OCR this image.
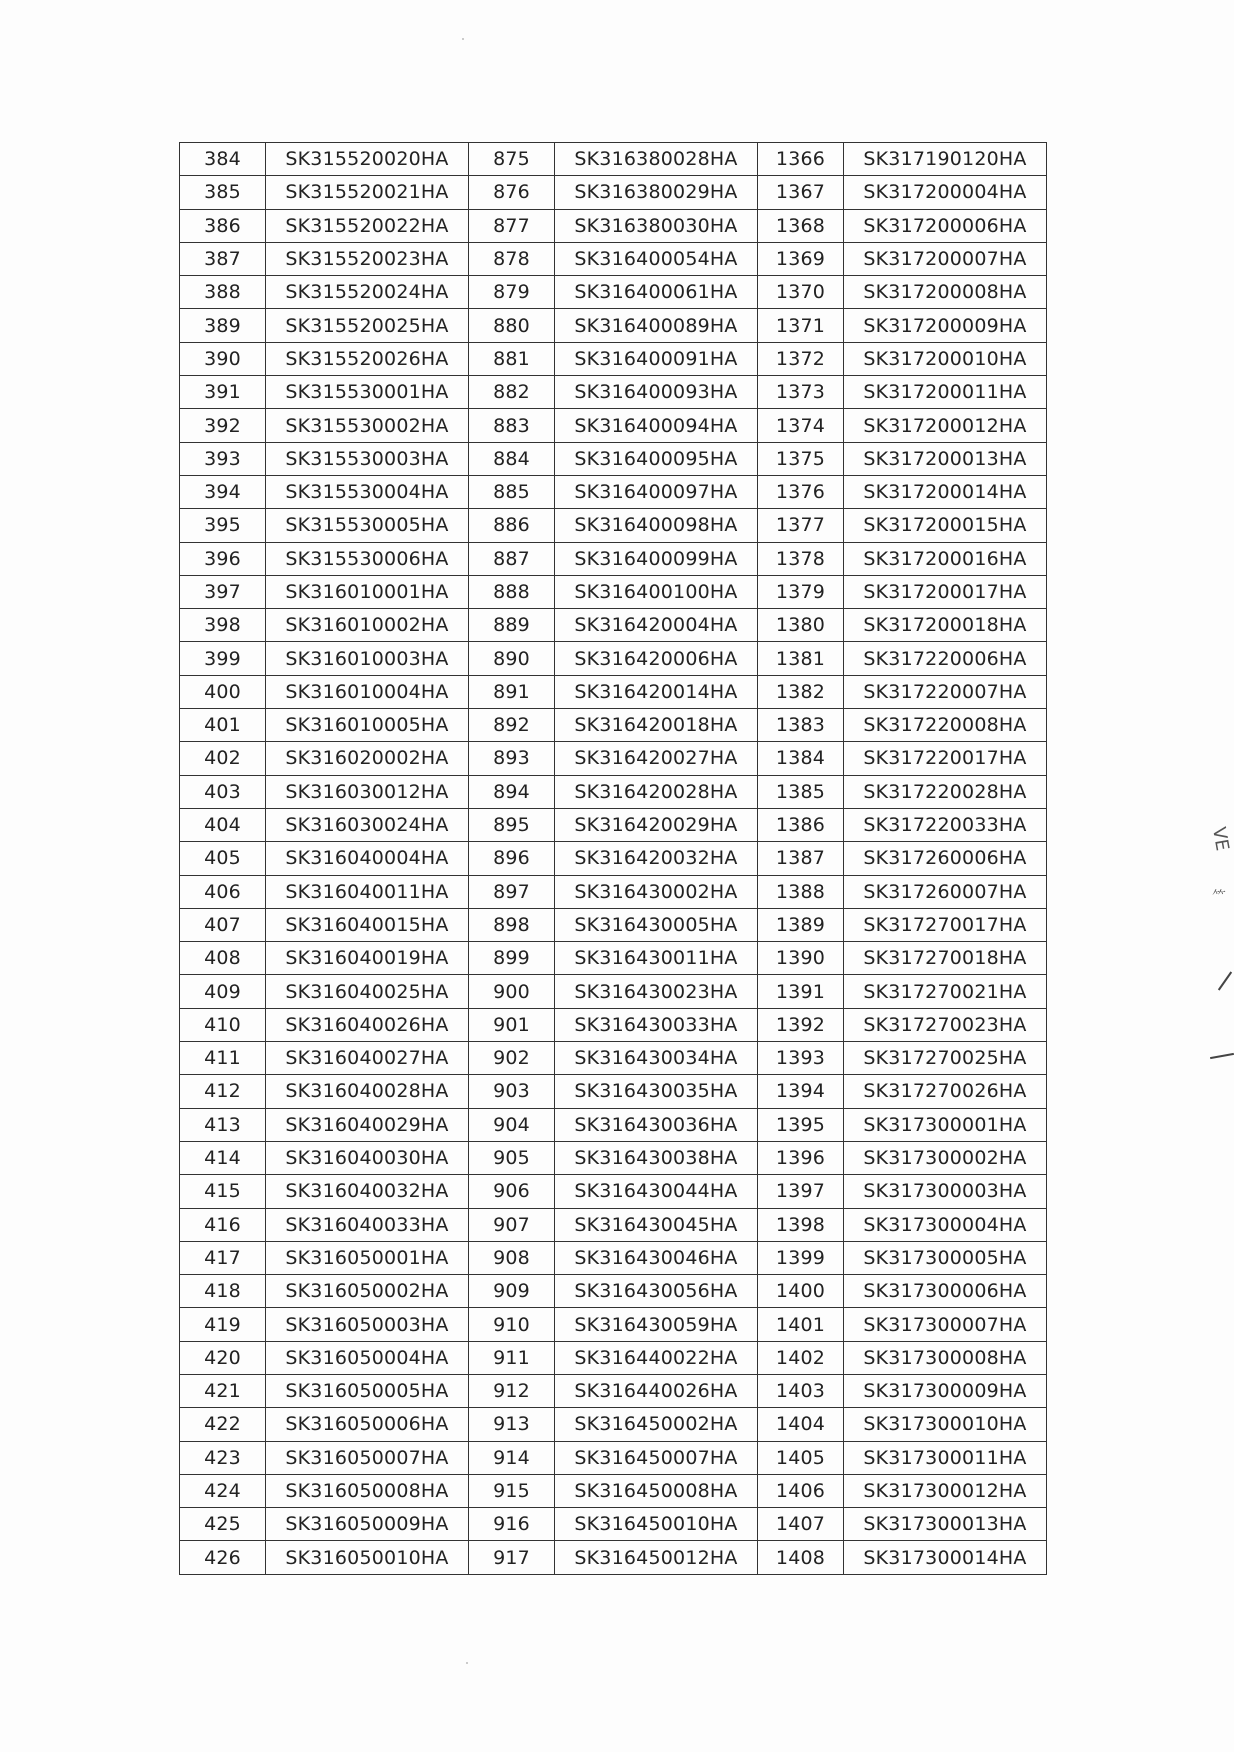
384	SK315520020HA	875	SK316380028HA	1366	SK317190120HA
385	SK315520021HA	876	SK316380029HA	1367	SK317200004HA
386	SK315520022HA	877	SK316380030HA	1368	SK317200006HA
387	SK315520023HA	878	SK316400054HA	1369	SK317200007HA
388	SK315520024HA	879	SK316400061HA	1370	SK317200008HA
389	SK315520025HA	880	SK316400089HA	1371	SK317200009HA
390	SK315520026HA	881	SK316400091HA	1372	SK317200010HA
391	SK315530001HA	882	SK316400093HA	1373	SK317200011HA
392	SK315530002HA	883	SK316400094HA	1374	SK317200012HA
393	SK315530003HA	884	SK316400095HA	1375	SK317200013HA
394	SK315530004HA	885	SK316400097HA	1376	SK317200014HA
395	SK315530005HA	886	SK316400098HA	1377	SK317200015HA
396	SK315530006HA	887	SK316400099HA	1378	SK317200016HA
397	SK316010001HA	888	SK316400100HA	1379	SK317200017HA
398	SK316010002HA	889	SK316420004HA	1380	SK317200018HA
399	SK316010003HA	890	SK316420006HA	1381	SK317220006HA
400	SK316010004HA	891	SK316420014HA	1382	SK317220007HA
401	SK316010005HA	892	SK316420018HA	1383	SK317220008HA
402	SK316020002HA	893	SK316420027HA	1384	SK317220017HA
403	SK316030012HA	894	SK316420028HA	1385	SK317220028HA
404	SK316030024HA	895	SK316420029HA	1386	SK317220033HA
405	SK316040004HA	896	SK316420032HA	1387	SK317260006HA
406	SK316040011HA	897	SK316430002HA	1388	SK317260007HA
407	SK316040015HA	898	SK316430005HA	1389	SK317270017HA
408	SK316040019HA	899	SK316430011HA	1390	SK317270018HA
409	SK316040025HA	900	SK316430023HA	1391	SK317270021HA
410	SK316040026HA	901	SK316430033HA	1392	SK317270023HA
411	SK316040027HA	902	SK316430034HA	1393	SK317270025HA
412	SK316040028HA	903	SK316430035HA	1394	SK317270026HA
413	SK316040029HA	904	SK316430036HA	1395	SK317300001HA
414	SK316040030HA	905	SK316430038HA	1396	SK317300002HA
415	SK316040032HA	906	SK316430044HA	1397	SK317300003HA
416	SK316040033HA	907	SK316430045HA	1398	SK317300004HA
417	SK316050001HA	908	SK316430046HA	1399	SK317300005HA
418	SK316050002HA	909	SK316430056HA	1400	SK317300006HA
419	SK316050003HA	910	SK316430059HA	1401	SK317300007HA
420	SK316050004HA	911	SK316440022HA	1402	SK317300008HA
421	SK316050005HA	912	SK316440026HA	1403	SK317300009HA
422	SK316050006HA	913	SK316450002HA	1404	SK317300010HA
423	SK316050007HA	914	SK316450007HA	1405	SK317300011HA
424	SK316050008HA	915	SK316450008HA	1406	SK317300012HA
425	SK316050009HA	916	SK316450010HA	1407	SK317300013HA
426	SK316050010HA	917	SK316450012HA	1408	SK317300014HA
VE
⺮
